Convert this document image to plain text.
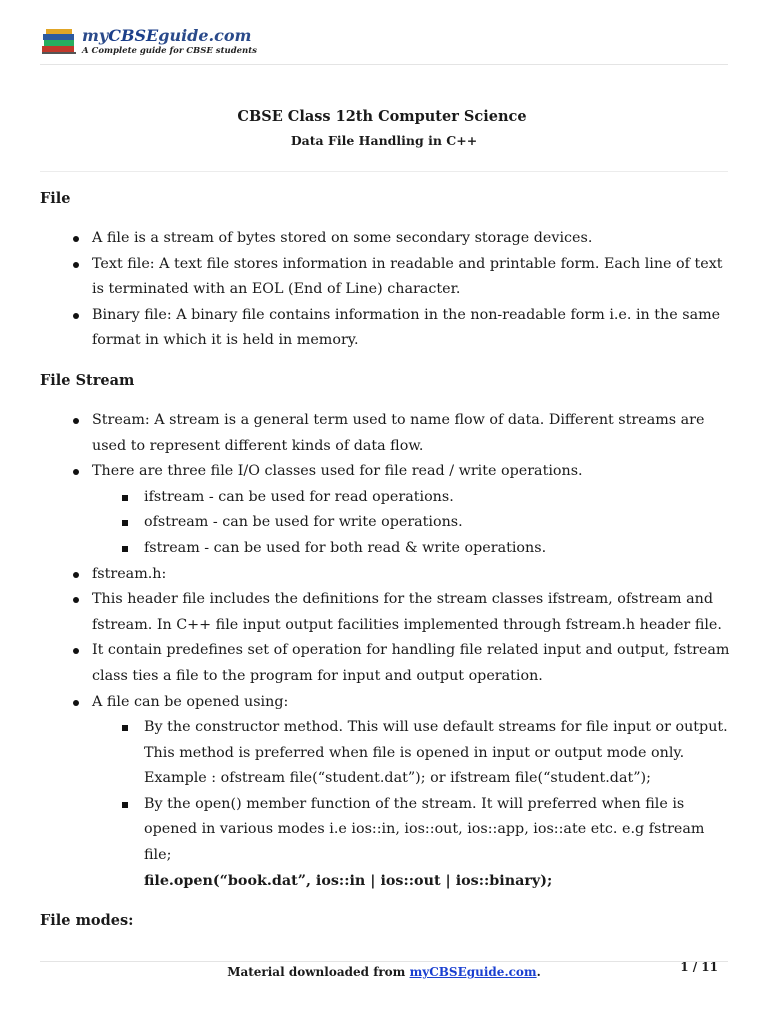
myCBSEguide.com
A Complete guide for CBSE students
CBSE Class 12th Computer Science
Data File Handling in C++
File
A file is a stream of bytes stored on some secondary storage devices.
Text file: A text file stores information in readable and printable form. Each line of text is terminated with an EOL (End of Line) character.
Binary file: A binary file contains information in the non-readable form i.e. in the same format in which it is held in memory.
File Stream
Stream: A stream is a general term used to name flow of data. Different streams are used to represent different kinds of data flow.
There are three file I/O classes used for file read / write operations.
ifstream - can be used for read operations.
ofstream - can be used for write operations.
fstream - can be used for both read & write operations.
fstream.h:
This header file includes the definitions for the stream classes ifstream, ofstream and fstream. In C++ file input output facilities implemented through fstream.h header file.
It contain predefines set of operation for handling file related input and output, fstream class ties a file to the program for input and output operation.
A file can be opened using:
By the constructor method. This will use default streams for file input or output. This method is preferred when file is opened in input or output mode only. Example : ofstream file(“student.dat”); or ifstream file(“student.dat”);
By the open() member function of the stream. It will preferred when file is opened in various modes i.e ios::in, ios::out, ios::app, ios::ate etc. e.g fstream file;
file.open(“book.dat”, ios::in | ios::out | ios::binary);
File modes:
Material downloaded from myCBSEguide.com.	1 / 11
